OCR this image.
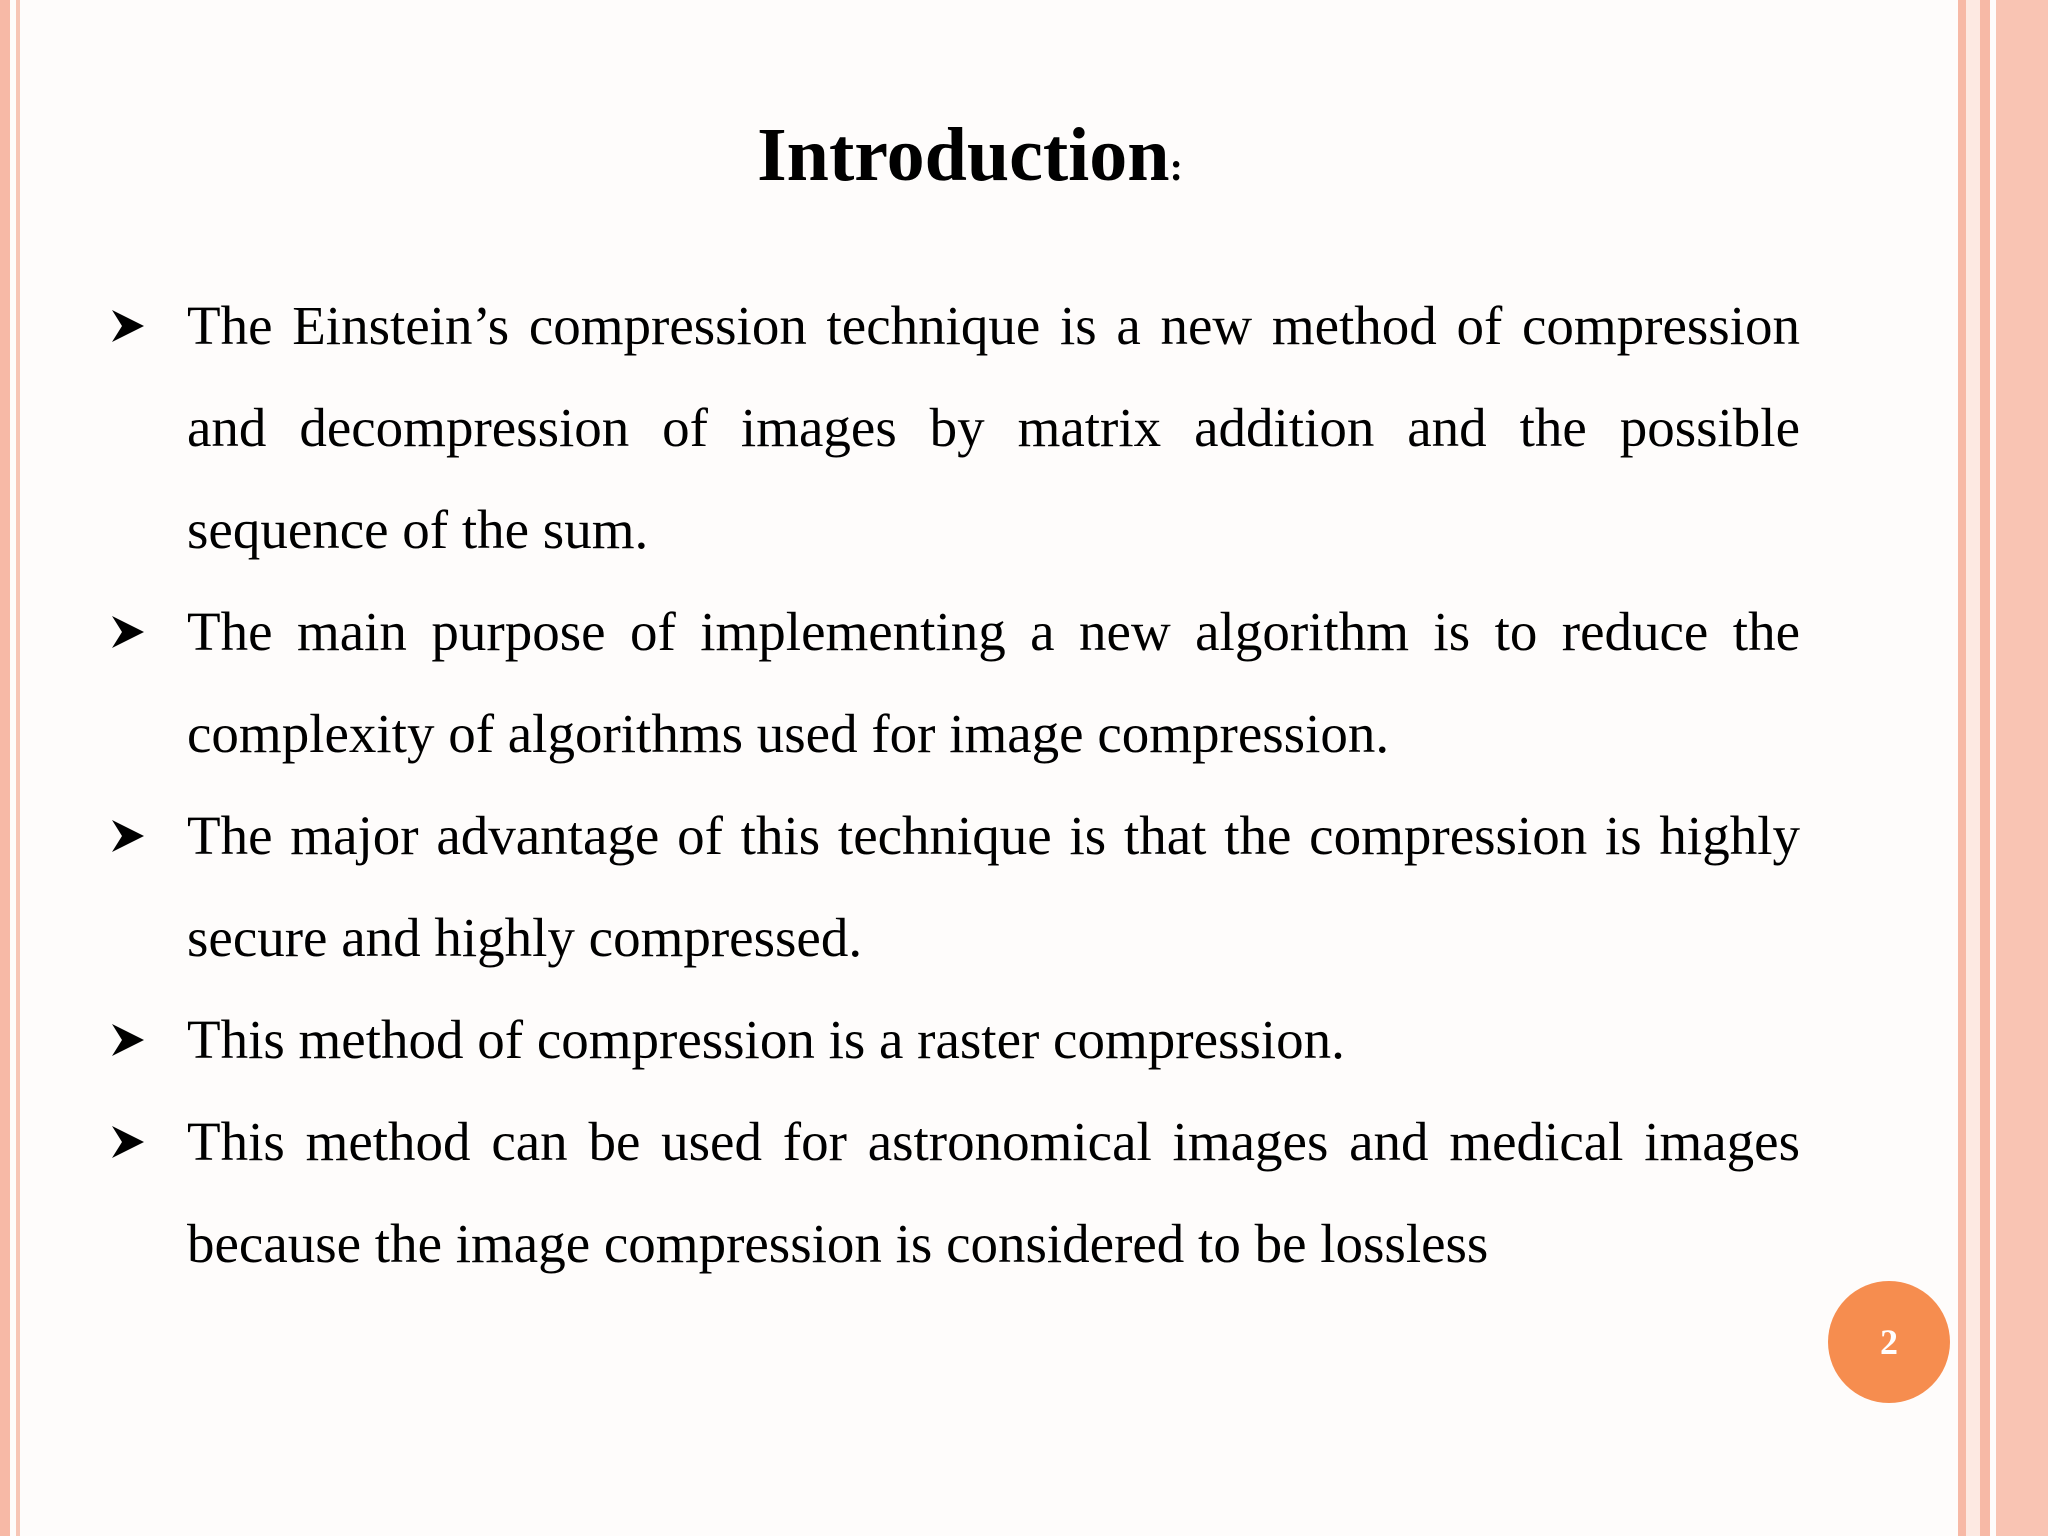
Introduction:
The Einstein’s compression technique is a new method of compression and decompression of images by matrix addition and the possible sequence of the sum.
The main purpose of implementing a new algorithm is to reduce the complexity of algorithms used for image compression.
The major advantage of this technique is that the compression is highly secure and highly compressed.
This method of compression is a raster compression.
This method can be used for astronomical images and medical images because the image compression is considered to be lossless
2
